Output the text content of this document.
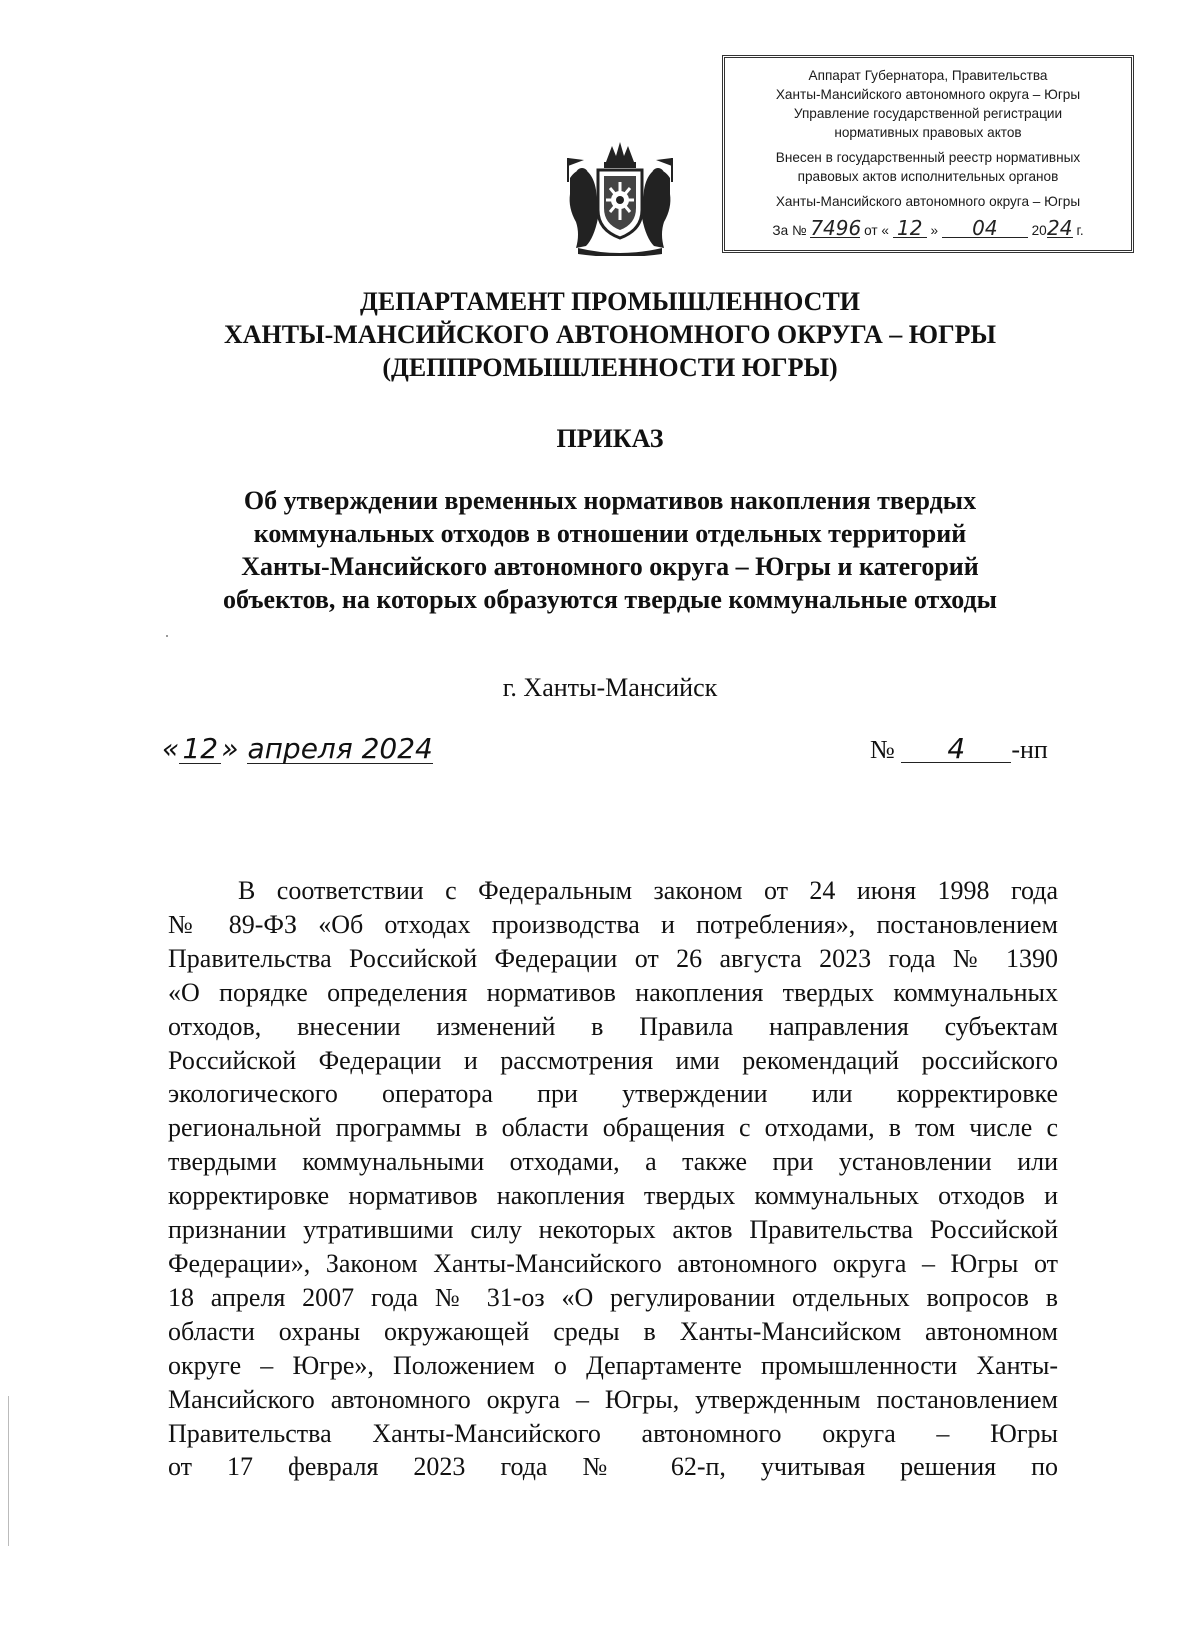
Аппарат Губернатора, Правительства
Ханты-Мансийского автономного округа – Югры
Управление государственной регистрации
нормативных правовых актов
Внесен в государственный реестр нормативных
правовых актов исполнительных органов
Ханты-Мансийского автономного округа – Югры
За № 7496 от « 12 » 04	2024 г.
ДЕПАРТАМЕНТ ПРОМЫШЛЕННОСТИ
ХАНТЫ-МАНСИЙСКОГО АВТОНОМНОГО ОКРУГА – ЮГРЫ
(ДЕППРОМЫШЛЕННОСТИ ЮГРЫ)
ПРИКАЗ
Об утверждении временных нормативов накопления твердых
коммунальных отходов в отношении отдельных территорий
Ханты-Мансийского автономного округа – Югры и категорий
объектов, на которых образуются твердые коммунальные отходы
г. Ханты-Мансийск
« 12 » апреля 2024	№ 4 -нп
В соответствии с Федеральным законом от 24 июня 1998 года
№ 89-ФЗ «Об отходах производства и потребления», постановлением
Правительства Российской Федерации от 26 августа 2023 года № 1390
«О порядке определения нормативов накопления твердых коммунальных
отходов, внесении изменений в Правила направления субъектам
Российской Федерации и рассмотрения ими рекомендаций российского
экологического оператора при утверждении или корректировке
региональной программы в области обращения с отходами, в том числе с
твердыми коммунальными отходами, а также при установлении или
корректировке нормативов накопления твердых коммунальных отходов и
признании утратившими силу некоторых актов Правительства Российской
Федерации», Законом Ханты-Мансийского автономного округа – Югры от
18 апреля 2007 года № 31-оз «О регулировании отдельных вопросов в
области охраны окружающей среды в Ханты-Мансийском автономном
округе – Югре», Положением о Департаменте промышленности Ханты-
Мансийского автономного округа – Югры, утвержденным постановлением
Правительства Ханты-Мансийского автономного округа – Югры
от 17 февраля 2023 года № 62-п, учитывая решения по
